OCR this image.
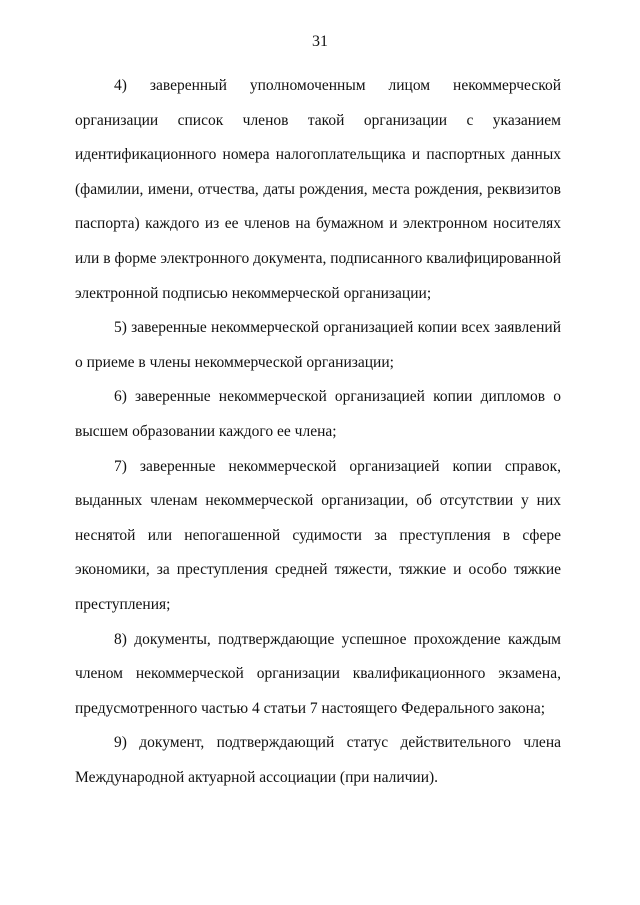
31

4) заверенный уполномоченным лицом некоммерческой организации список членов такой организации с указанием идентификационного номера налогоплательщика и паспортных данных (фамилии, имени, отчества, даты рождения, места рождения, реквизитов паспорта) каждого из ее членов на бумажном и электронном носителях или в форме электронного документа, подписанного квалифицированной электронной подписью некоммерческой организации;

5) заверенные некоммерческой организацией копии всех заявлений о приеме в члены некоммерческой организации;

6) заверенные некоммерческой организацией копии дипломов о высшем образовании каждого ее члена;

7) заверенные некоммерческой организацией копии справок, выданных членам некоммерческой организации, об отсутствии у них неснятой или непогашенной судимости за преступления в сфере экономики, за преступления средней тяжести, тяжкие и особо тяжкие преступления;

8) документы, подтверждающие успешное прохождение каждым членом некоммерческой организации квалификационного экзамена, предусмотренного частью 4 статьи 7 настоящего Федерального закона;

9) документ, подтверждающий статус действительного члена Международной актуарной ассоциации (при наличии).
